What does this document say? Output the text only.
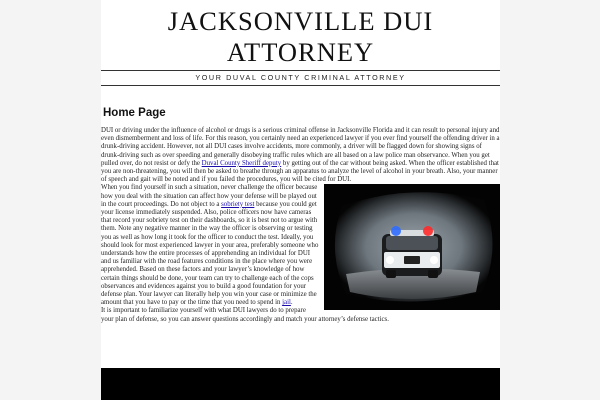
JACKSONVILLE DUI
ATTORNEY
YOUR DUVAL COUNTY CRIMINAL ATTORNEY
Home Page

DUI or driving under the influence of alcohol or drugs is a serious criminal offense in Jacksonville Florida and it can result to personal injury and even dismemberment and loss of life. For this reason, you certainly need an experienced lawyer if you ever find yourself the offending driver in a drunk-driving accident. However, not all DUI cases involve accidents, more commonly, a driver will be flagged down for showing signs of drunk-driving such as over speeding and generally disobeying traffic rules which are all based on a law police man observance. When you get pulled over, do not resist or defy the Duval County Sheriff deputy by getting out of the car without being asked. When the officer established that you are non-threatening, you will then be asked to breathe through an apparatus to analyze the level of alcohol in your breath. Also, your manner of speech and gait will be noted and if you failed the procedures, you will be cited for DUI.

When you find yourself in such a situation, never challenge the officer because how you deal with the situation can affect how your defense will be played out in the court proceedings. Do not object to a sobriety test because you could get your license immediately suspended. Also, police officers now have cameras that record your sobriety test on their dashboards, so it is best not to argue with them. Note any negative manner in the way the officer is observing or testing you as well as how long it took for the officer to conduct the test. Ideally, you should look for most experienced lawyer in your area, preferably someone who understands how the entire processes of apprehending an individual for DUI and us familiar with the road features conditions in the place where you were apprehended. Based on these factors and your lawyer’s knowledge of how certain things should be done, your team can try to challenge each of the cops observances and evidences against you to build a good foundation for your defense plan. Your lawyer can literally help you win your case or minimize the amount that you have to pay or the time that you need to spend in jail.

It is important to familiarize yourself with what DUI lawyers do to prepare your plan of defense, so you can answer questions accordingly and match your attorney’s defense tactics.
